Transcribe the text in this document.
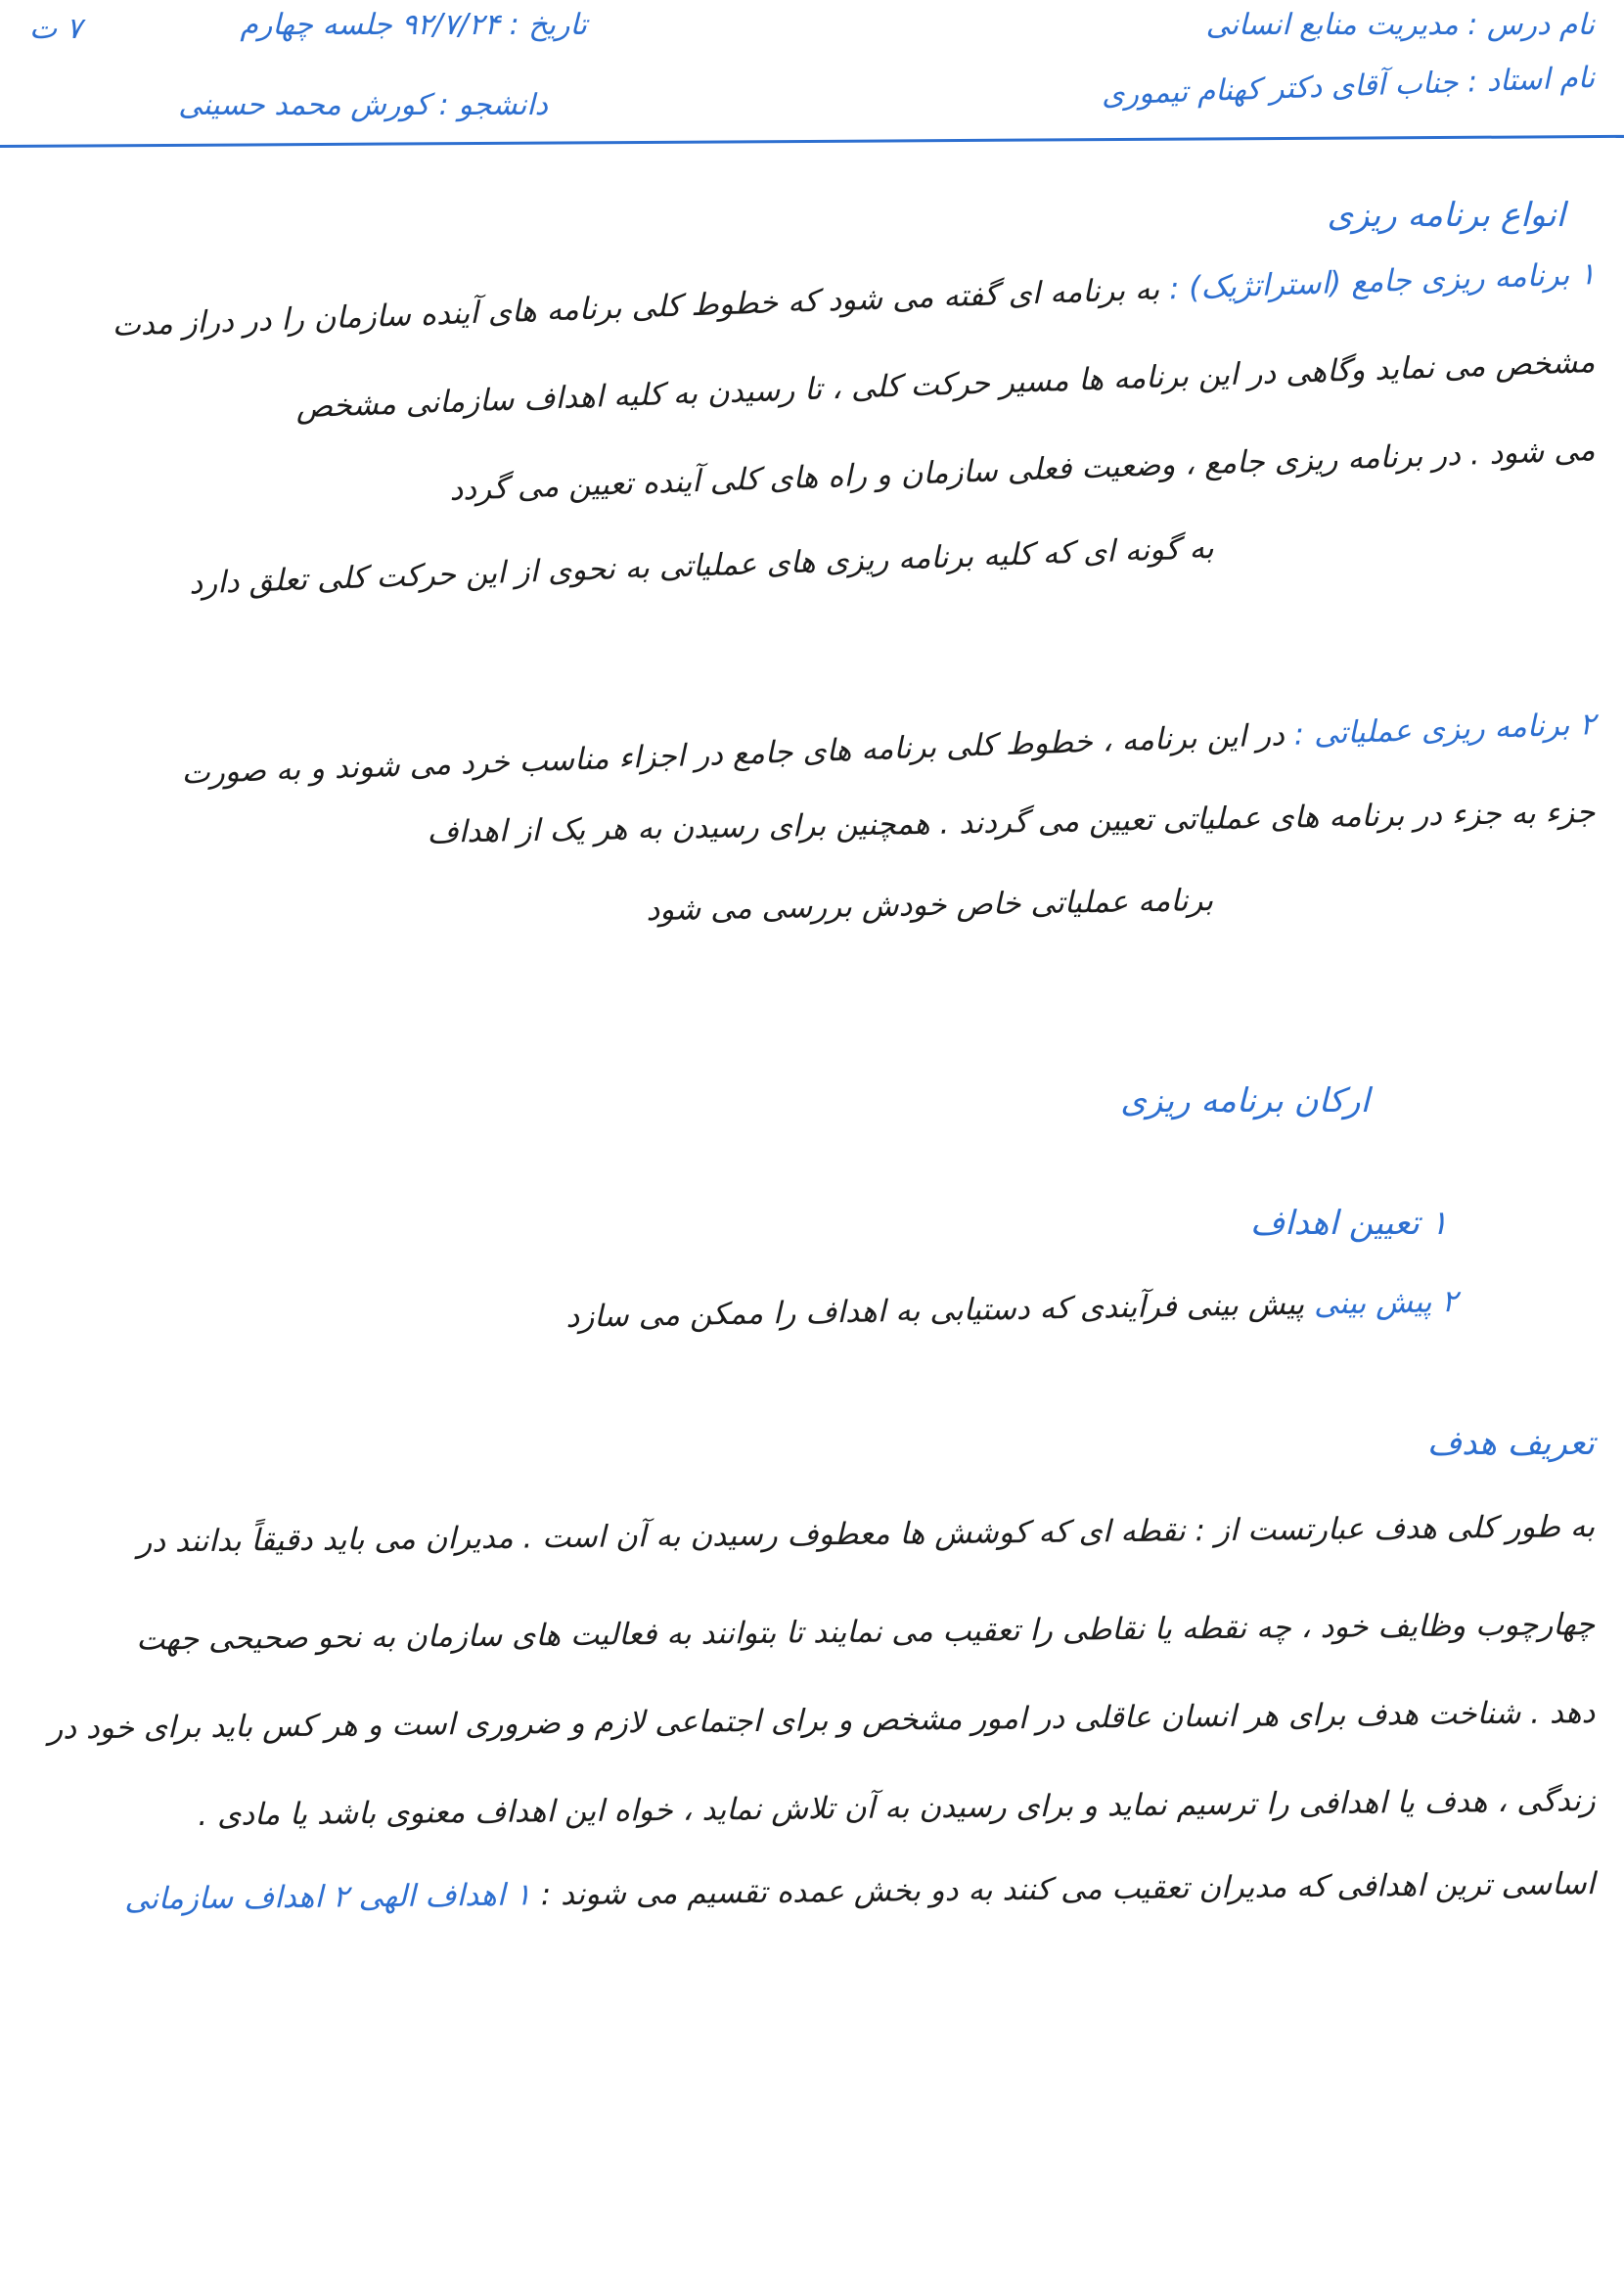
نام درس : مدیریت منابع انسانی
نام استاد : جناب آقای دکتر کهنام تیموری
تاریخ : ۹۲/۷/۲۴ جلسه چهارم
۷ ت
دانشجو : کورش محمد حسینی
انواع برنامه ریزی
۱ برنامه ریزی جامع (استراتژیک) : به برنامه ای گفته می شود که خطوط کلی برنامه های آینده سازمان را در دراز مدت
مشخص می نماید وگاهی در این برنامه ها مسیر حرکت کلی ، تا رسیدن به کلیه اهداف سازمانی مشخص
می شود . در برنامه ریزی جامع ، وضعیت فعلی سازمان و راه های کلی آینده تعیین می گردد
به گونه ای که کلیه برنامه ریزی های عملیاتی به نحوی از این حرکت کلی تعلق دارد
۲ برنامه ریزی عملیاتی : در این برنامه ، خطوط کلی برنامه های جامع در اجزاء مناسب خرد می شوند و به صورت
جزء به جزء در برنامه های عملیاتی تعیین می گردند . همچنین برای رسیدن به هر یک از اهداف
برنامه عملیاتی خاص خودش بررسی می شود
ارکان برنامه ریزی
۱ تعیین اهداف
۲ پیش بینی پیش بینی فرآیندی که دستیابی به اهداف را ممکن می سازد
تعریف هدف
به طور کلی هدف عبارتست از : نقطه ای که کوشش ها معطوف رسیدن به آن است . مدیران می باید دقیقاً بدانند در
چهارچوب وظایف خود ، چه نقطه یا نقاطی را تعقیب می نمایند تا بتوانند به فعالیت های سازمان به نحو صحیحی جهت
دهد . شناخت هدف برای هر انسان عاقلی در امور مشخص و برای اجتماعی لازم و ضروری است و هر کس باید برای خود در
زندگی ، هدف یا اهدافی را ترسیم نماید و برای رسیدن به آن تلاش نماید ، خواه این اهداف معنوی باشد یا مادی .
اساسی ترین اهدافی که مدیران تعقیب می کنند به دو بخش عمده تقسیم می شوند : ۱ اهداف الهی ۲ اهداف سازمانی
